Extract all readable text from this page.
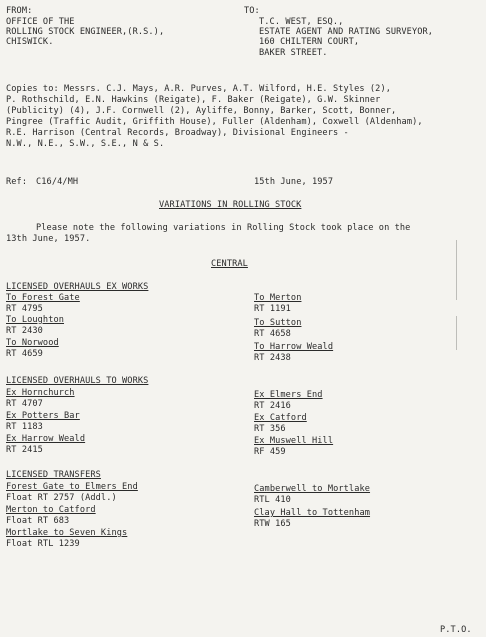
FROM:
OFFICE OF THE
ROLLING STOCK ENGINEER,(R.S.),
CHISWICK.
TO:
T.C. WEST, ESQ.,
ESTATE AGENT AND RATING SURVEYOR,
160 CHILTERN COURT,
BAKER STREET.
Copies to: Messrs. C.J. Mays, A.R. Purves, A.T. Wilford, H.E. Styles (2),
P. Rothschild, E.N. Hawkins (Reigate), F. Baker (Reigate), G.W. Skinner
(Publicity) (4), J.F. Cornwell (2), Ayliffe, Bonny, Barker, Scott, Bonner,
Pingree (Traffic Audit, Griffith House), Fuller (Aldenham), Coxwell (Aldenham),
R.E. Harrison (Central Records, Broadway), Divisional Engineers -
N.W., N.E., S.W., S.E., N & S.
Ref: C16/4/MH	15th June, 1957
VARIATIONS IN ROLLING STOCK
Please note the following variations in Rolling Stock took place on the
13th June, 1957.
CENTRAL
LICENSED OVERHAULS EX WORKS
To Forest Gate
RT 4795
To Loughton
RT 2430
To Norwood
RT 4659
To Merton
RT 1191
To Sutton
RT 4658
To Harrow Weald
RT 2438
LICENSED OVERHAULS TO WORKS
Ex Hornchurch
RT 4707
Ex Potters Bar
RT 1183
Ex Harrow Weald
RT 2415
Ex Elmers End
RT 2416
Ex Catford
RT 356
Ex Muswell Hill
RF 459
LICENSED TRANSFERS
Forest Gate to Elmers End
Float RT 2757 (Addl.)
Merton to Catford
Float RT 683
Mortlake to Seven Kings
Float RTL 1239
Camberwell to Mortlake
RTL 410
Clay Hall to Tottenham
RTW 165
P.T.O.
